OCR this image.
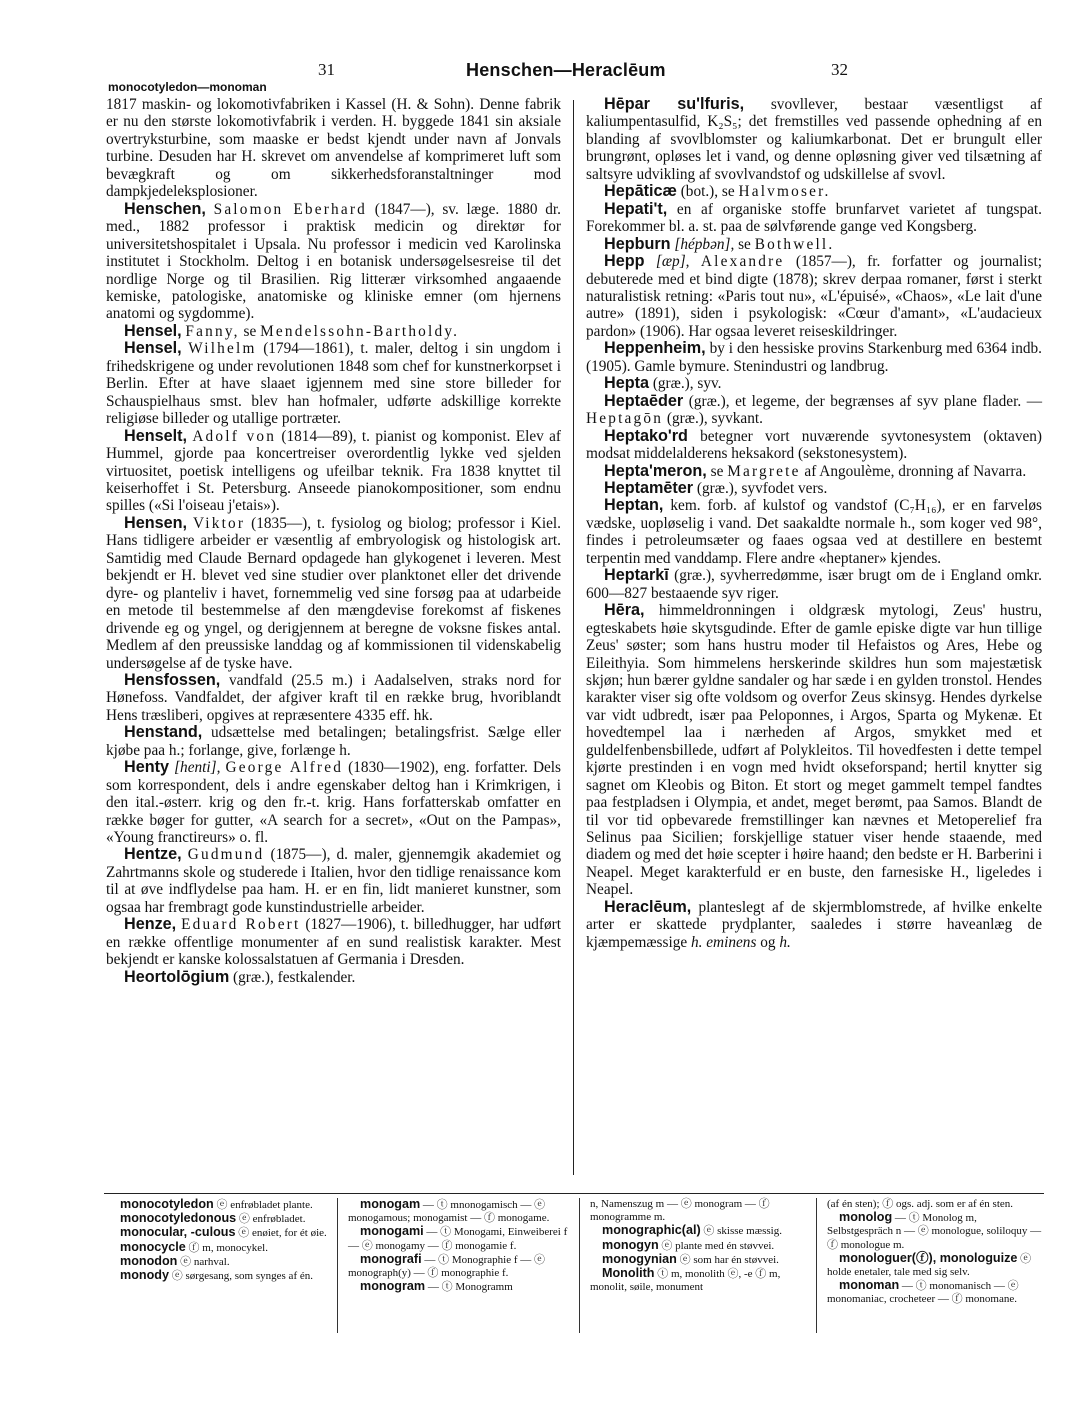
31	Henschen—Heraclēum	32
monocotyledon—monoman

1817 maskin- og lokomotivfabriken i Kassel (H. & Sohn). Denne fabrik er nu den største lokomotivfabrik i verden. H. byggede 1841 sin aksiale overtryksturbine, som maaske er bedst kjendt under navn af Jonvals turbine. Desuden har H. skrevet om anvendelse af komprimeret luft som bevægkraft og om sikkerhedsforanstaltninger mod dampkjedeleksplosioner.

Henschen, Salomon Eberhard (1847—), sv. læge. 1880 dr. med., 1882 professor i praktisk medicin og direktør for universitetshospitalet i Upsala. Nu professor i medicin ved Karolinska institutet i Stockholm. Deltog i en botanisk undersøgelsesreise til det nordlige Norge og til Brasilien. Rig litterær virksomhed angaaende kemiske, patologiske, anatomiske og kliniske emner (om hjernens anatomi og sygdomme).

Hensel, Fanny, se Mendelssohn-Bartholdy.

Hensel, Wilhelm (1794—1861), t. maler, deltog i sin ungdom i frihedskrigene og under revolutionen 1848 som chef for kunstnerkorpset i Berlin. Efter at have slaaet igjennem med sine store billeder for Schauspielhaus smst. blev han hofmaler, udførte adskillige korrekte religiøse billeder og utallige portræter.

Henselt, Adolf von (1814—89), t. pianist og komponist. Elev af Hummel, gjorde paa koncertreiser overordentlig lykke ved sjelden virtuositet, poetisk intelligens og ufeilbar teknik. Fra 1838 knyttet til keiserhoffet i St. Petersburg. Anseede pianokompositioner, som endnu spilles («Si l'oiseau j'etais»).

Hensen, Viktor (1835—), t. fysiolog og biolog; professor i Kiel. Hans tidligere arbeider er væsentlig af embryologisk og histologisk art. Samtidig med Claude Bernard opdagede han glykogenet i leveren. Mest bekjendt er H. blevet ved sine studier over planktonet eller det drivende dyre- og planteliv i havet, fornemmelig ved sine forsøg paa at udarbeide en metode til bestemmelse af den mængdevise forekomst af fiskenes drivende eg og yngel, og derigjennem at beregne de voksne fiskes antal. Medlem af den preussiske landdag og af kommissionen til videnskabelig undersøgelse af de tyske have.

Hensfossen, vandfald (25.5 m.) i Aadalselven, straks nord for Hønefoss. Vandfaldet, der afgiver kraft til en række brug, hvoriblandt Hens træsliberi, opgives at repræsentere 4335 eff. hk.

Henstand, udsættelse med betalingen; betalingsfrist. Sælge eller kjøbe paa h.; forlange, give, forlænge h.

Henty [henti], George Alfred (1830—1902), eng. forfatter. Dels som korrespondent, dels i andre egenskaber deltog han i Krimkrigen, i den ital.-østerr. krig og den fr.-t. krig. Hans forfatterskab omfatter en række bøger for gutter, «A search for a secret», «Out on the Pampas», «Young franctireurs» o. fl.

Hentze, Gudmund (1875—), d. maler, gjennemgik akademiet og Zahrtmanns skole og studerede i Italien, hvor den tidlige renaissance kom til at øve indflydelse paa ham. H. er en fin, lidt manieret kunstner, som ogsaa har frembragt gode kunstindustrielle arbeider.

Henze, Eduard Robert (1827—1906), t. billedhugger, har udført en række offentlige monumenter af en sund realistisk karakter. Mest bekjendt er kanske kolossalstatuen af Germania i Dresden.

Heortolōgium (græ.), festkalender.

Hēpar su'lfuris, svovllever, bestaar væsentligst af kaliumpentasulfid, K₂S₅; det fremstilles ved passende ophedning af en blanding af svovlblomster og kaliumkarbonat. Det er brungult eller brungrønt, opløses let i vand, og denne opløsning giver ved tilsætning af saltsyre udvikling af svovlvandstof og udskillelse af svovl.

Hepāticæ (bot.), se Halvmoser.

Hepati't, en af organiske stoffe brunfarvet varietet af tungspat. Forekommer bl. a. st. paa de sølvførende gange ved Kongsberg.

Hepburn [hépbən], se Bothwell.

Hepp [æp], Alexandre (1857—), fr. forfatter og journalist; debuterede med et bind digte (1878); skrev derpaa romaner, først i sterkt naturalistisk retning: «Paris tout nu», «L'épuisé», «Chaos», «Le lait d'une autre» (1891), siden i psykologisk: «Cœur d'amant», «L'audacieux pardon» (1906). Har ogsaa leveret reiseskildringer.

Heppenheim, by i den hessiske provins Starkenburg med 6364 indb. (1905). Gamle bymure. Stenindustri og landbrug.

Hepta (græ.), syv.

Heptaēder (græ.), et legeme, der begrænses af syv plane flader. — Heptagōn (græ.), syvkant.

Heptako'rd betegner vort nuværende syvtonesystem (oktaven) modsat middelalderens heksakord (sekstonesystem).

Hepta'meron, se Margrete af Angoulème, dronning af Navarra.

Heptamēter (græ.), syvfodet vers.

Heptan, kem. forb. af kulstof og vandstof (C₇H₁₆), er en farveløs vædske, uopløselig i vand. Det saakaldte normale h., som koger ved 98°, findes i petroleumsæter og faaes ogsaa ved at destillere en bestemt terpentin med vanddamp. Flere andre «heptaner» kjendes.

Heptarkī (græ.), syvherredømme, især brugt om de i England omkr. 600—827 bestaaende syv riger.

Hēra, himmeldronningen i oldgræsk mytologi, Zeus' hustru, egteskabets høie skytsgudinde. Efter de gamle episke digte var hun tillige Zeus' søster; som hans hustru moder til Hefaistos og Ares, Hebe og Eileithyia. Som himmelens herskerinde skildres hun som majestætisk skjøn; hun bærer gyldne sandaler og har sæde i en gylden tronstol. Hendes karakter viser sig ofte voldsom og overfor Zeus skinsyg. Hendes dyrkelse var vidt udbredt, især paa Peloponnes, i Argos, Sparta og Mykenæ. Et hovedtempel laa i nærheden af Argos, smykket med et guldelfenbensbillede, udført af Polykleitos. Til hovedfesten i dette tempel kjørte prestinden i en vogn med hvidt okseforspand; hertil knytter sig sagnet om Kleobis og Biton. Et stort og meget gammelt tempel fandtes paa festpladsen i Olympia, et andet, meget berømt, paa Samos. Blandt de til vor tid opbevarede fremstillinger kan nævnes et Metoperelief fra Selinus paa Sicilien; forskjellige statuer viser hende staaende, med diadem og med det høie scepter i høire haand; den bedste er H. Barberini i Neapel. Meget karakterfuld er en buste, den farnesiske H., ligeledes i Neapel.

Heraclēum, planteslegt af de skjermblomstrede, af hvilke enkelte arter er skattede prydplanter, saaledes i større haveanlæg de kjæmpemæssige h. eminens og h.

monocotyledon ⓔ enfrøbladet plante.

monocotyledonous ⓔ enfrøbladet.

monocular, -culous ⓔ enøiet, for ét øie.

monocycle ⓕ m, monocykel.

monodon ⓔ narhval.

monody ⓔ sørgesang, som synges af én.

monogam — ⓣ mnonogamisch — ⓔ monogamous; monogamist — ⓕ monogame.

monogami — ⓣ Monogami, Einweiberei f — ⓔ monogamy — ⓕ monogamie f.

monografi — ⓣ Monographie f — ⓔ monograph(y) — ⓕ monographie f.

monogram — ⓣ Monogramm

n, Namenszug m — ⓔ monogram — ⓕ monogramme m.

monographic(al) ⓔ skisse mæssig.

monogyn ⓔ plante med én støvvei.

monogynian ⓔ som har én støvvei.

Monolith ⓣ m, monolith ⓔ, -e ⓕ m, monolit, søile, monument

(af én sten); ⓕ ogs. adj. som er af én sten.

monolog — ⓣ Monolog m, Selbstgespräch n — ⓔ monologue, soliloquy — ⓕ monologue m.

monologuer(ⓕ), monologuize ⓔ holde enetaler, tale med sig selv.

monoman — ⓣ monomanisch — ⓔ monomaniac, crocheteer — ⓕ monomane.
